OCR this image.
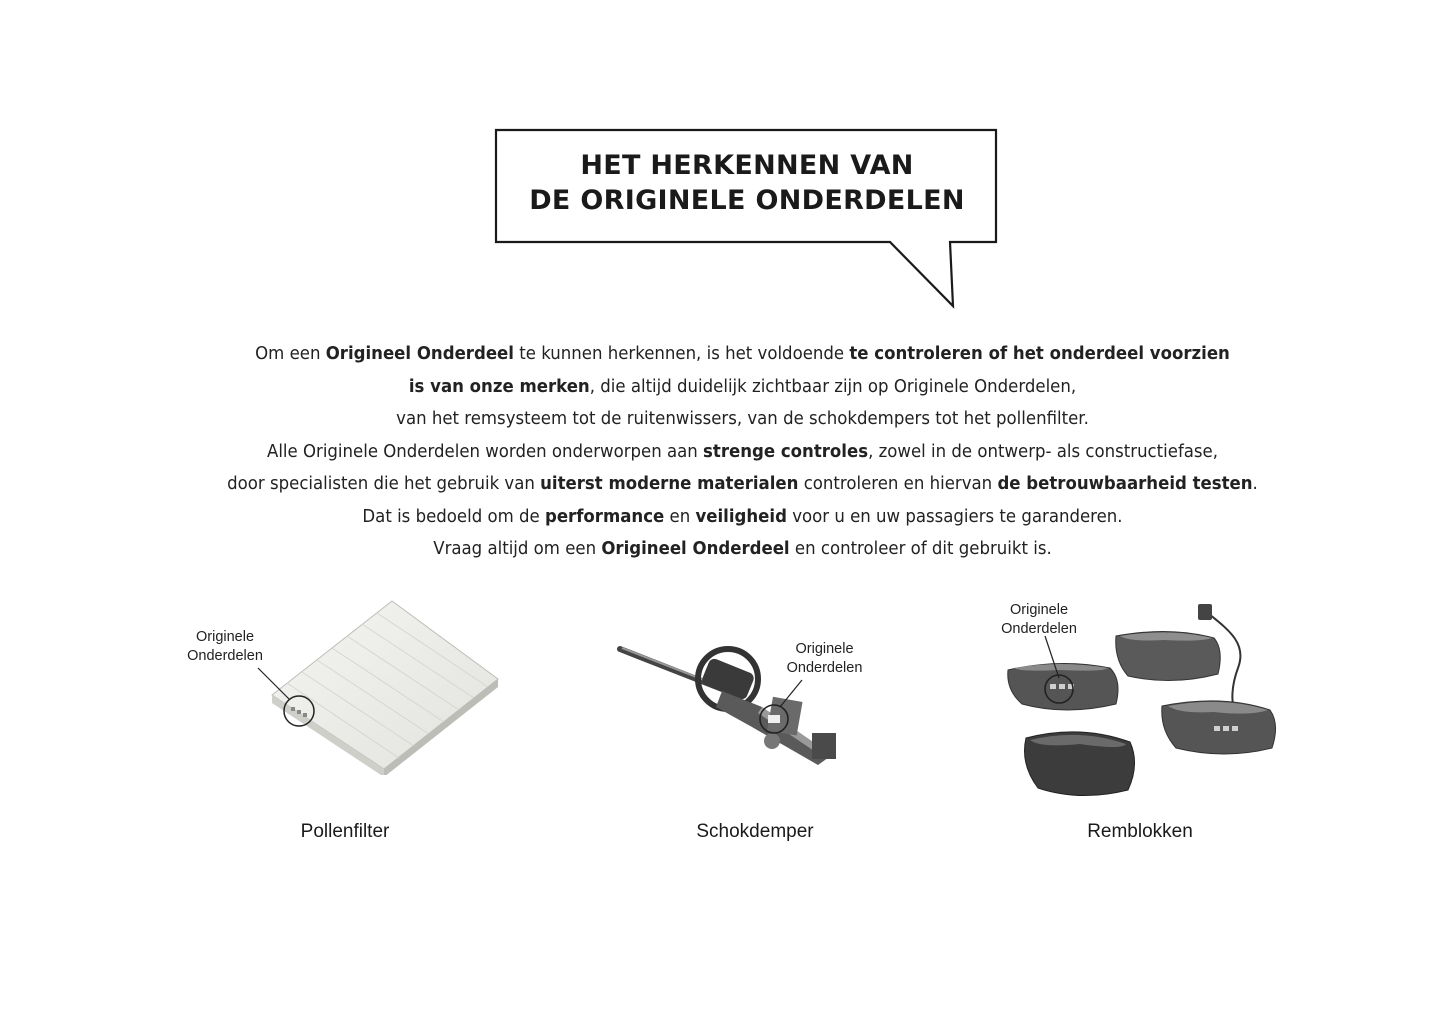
HET HERKENNEN VAN
DE ORIGINELE ONDERDELEN
Om een Origineel Onderdeel te kunnen herkennen, is het voldoende te controleren of het onderdeel voorzien
is van onze merken, die altijd duidelijk zichtbaar zijn op Originele Onderdelen,
van het remsysteem tot de ruitenwissers, van de schokdempers tot het pollenfilter.
Alle Originele Onderdelen worden onderworpen aan strenge controles, zowel in de ontwerp- als constructiefase,
door specialisten die het gebruik van uiterst moderne materialen controleren en hiervan de betrouwbaarheid testen.
Dat is bedoeld om de performance en veiligheid voor u en uw passagiers te garanderen.
Vraag altijd om een Origineel Onderdeel en controleer of dit gebruikt is.
Originele
Onderdelen
Pollenfilter
Originele
Onderdelen
Schokdemper
Originele
Onderdelen
Remblokken
